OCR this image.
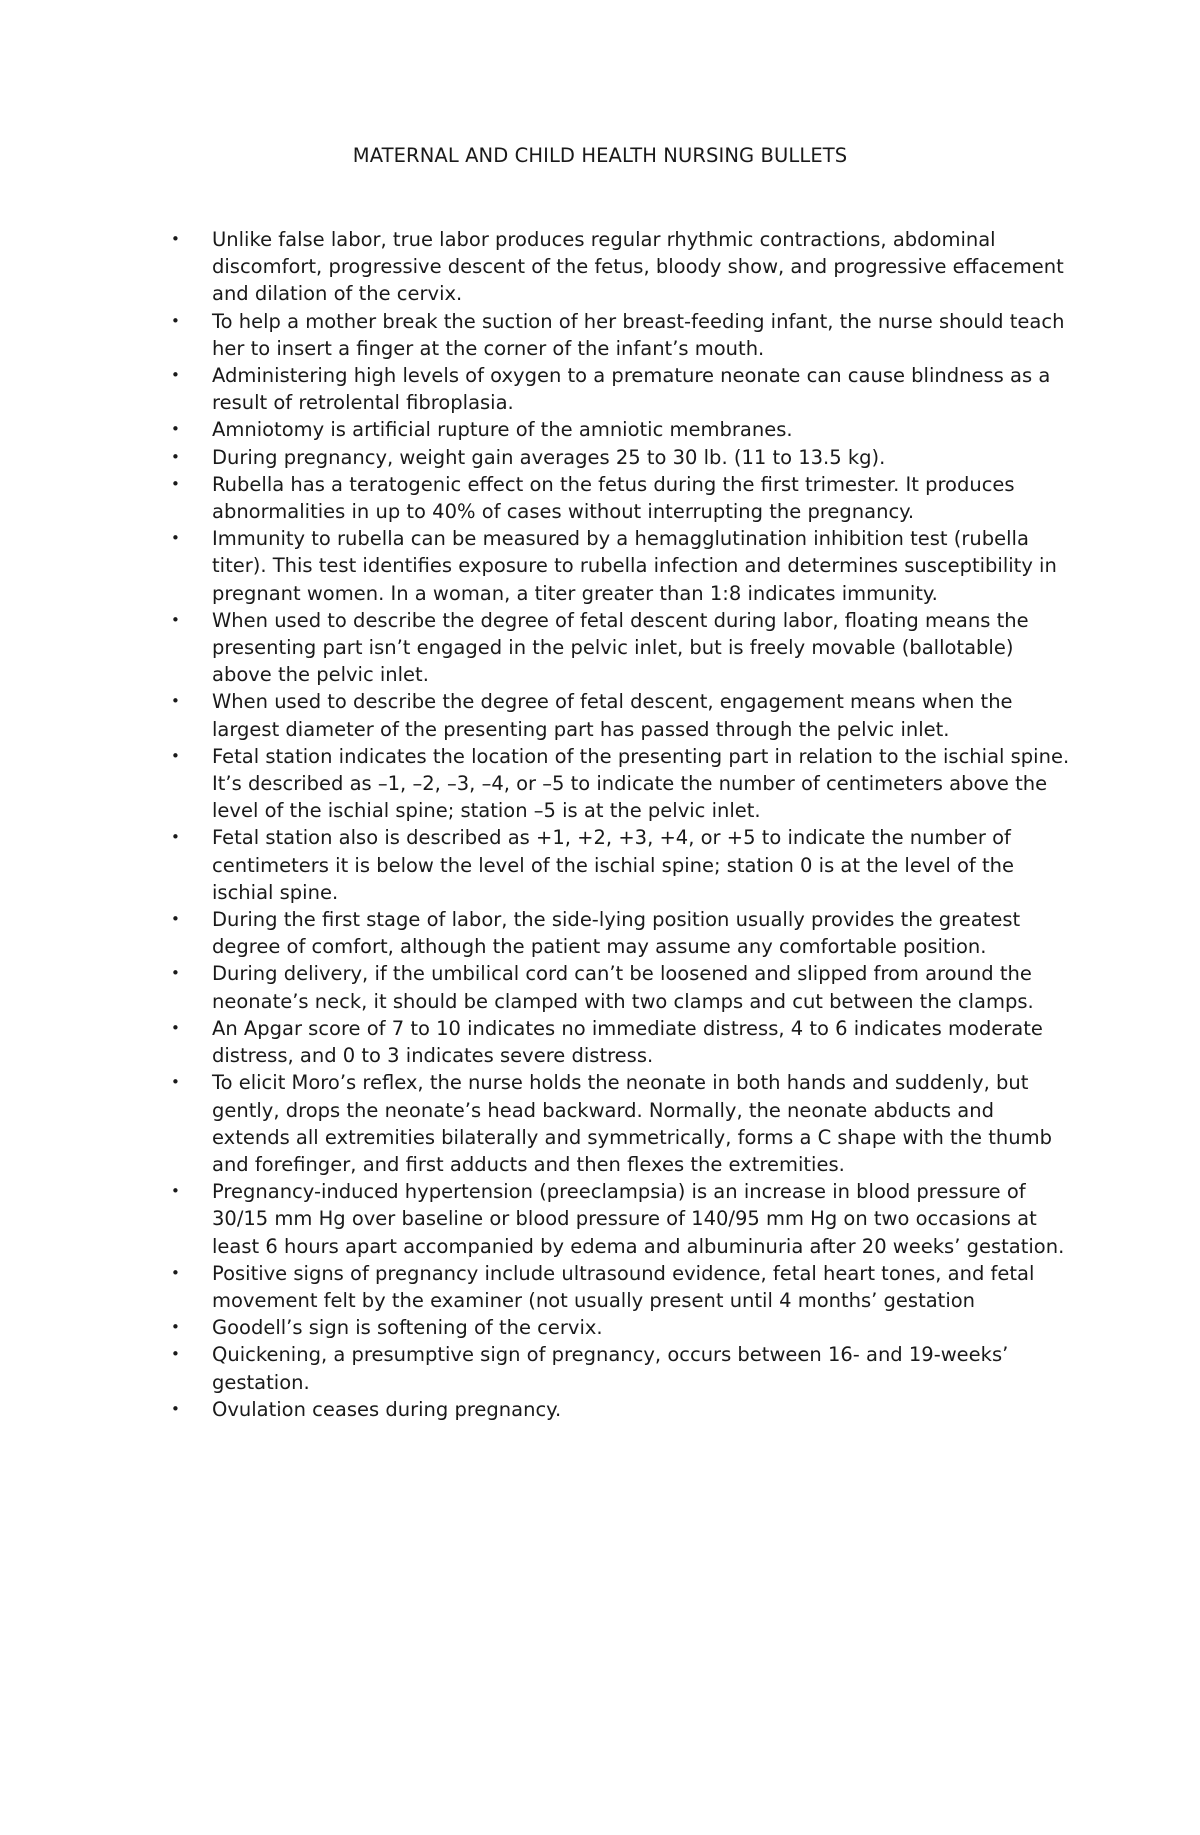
MATERNAL AND CHILD HEALTH NURSING BULLETS
•	Unlike false labor, true labor produces regular rhythmic contractions, abdominal discomfort, progressive descent of the fetus, bloody show, and progressive effacement and dilation of the cervix.
•	To help a mother break the suction of her breast-feeding infant, the nurse should teach her to insert a finger at the corner of the infant’s mouth.
•	Administering high levels of oxygen to a premature neonate can cause blindness as a result of retrolental fibroplasia.
•	Amniotomy is artificial rupture of the amniotic membranes.
•	During pregnancy, weight gain averages 25 to 30 lb. (11 to 13.5 kg).
•	Rubella has a teratogenic effect on the fetus during the first trimester. It produces abnormalities in up to 40% of cases without interrupting the pregnancy.
•	Immunity to rubella can be measured by a hemagglutination inhibition test (rubella titer). This test identifies exposure to rubella infection and determines susceptibility in pregnant women. In a woman, a titer greater than 1:8 indicates immunity.
•	When used to describe the degree of fetal descent during labor, floating means the presenting part isn’t engaged in the pelvic inlet, but is freely movable (ballotable) above the pelvic inlet.
•	When used to describe the degree of fetal descent, engagement means when the largest diameter of the presenting part has passed through the pelvic inlet.
•	Fetal station indicates the location of the presenting part in relation to the ischial spine. It’s described as –1, –2, –3, –4, or –5 to indicate the number of centimeters above the level of the ischial spine; station –5 is at the pelvic inlet.
•	Fetal station also is described as +1, +2, +3, +4, or +5 to indicate the number of centimeters it is below the level of the ischial spine; station 0 is at the level of the ischial spine.
•	During the first stage of labor, the side-lying position usually provides the greatest degree of comfort, although the patient may assume any comfortable position.
•	During delivery, if the umbilical cord can’t be loosened and slipped from around the neonate’s neck, it should be clamped with two clamps and cut between the clamps.
•	An Apgar score of 7 to 10 indicates no immediate distress, 4 to 6 indicates moderate distress, and 0 to 3 indicates severe distress.
•	To elicit Moro’s reflex, the nurse holds the neonate in both hands and suddenly, but gently, drops the neonate’s head backward. Normally, the neonate abducts and extends all extremities bilaterally and symmetrically, forms a C shape with the thumb and forefinger, and first adducts and then flexes the extremities.
•	Pregnancy-induced hypertension (preeclampsia) is an increase in blood pressure of 30/15 mm Hg over baseline or blood pressure of 140/95 mm Hg on two occasions at least 6 hours apart accompanied by edema and albuminuria after 20 weeks’ gestation.
•	Positive signs of pregnancy include ultrasound evidence, fetal heart tones, and fetal movement felt by the examiner (not usually present until 4 months’ gestation
•	Goodell’s sign is softening of the cervix.
•	Quickening, a presumptive sign of pregnancy, occurs between 16- and 19-weeks’ gestation.
•	Ovulation ceases during pregnancy.
